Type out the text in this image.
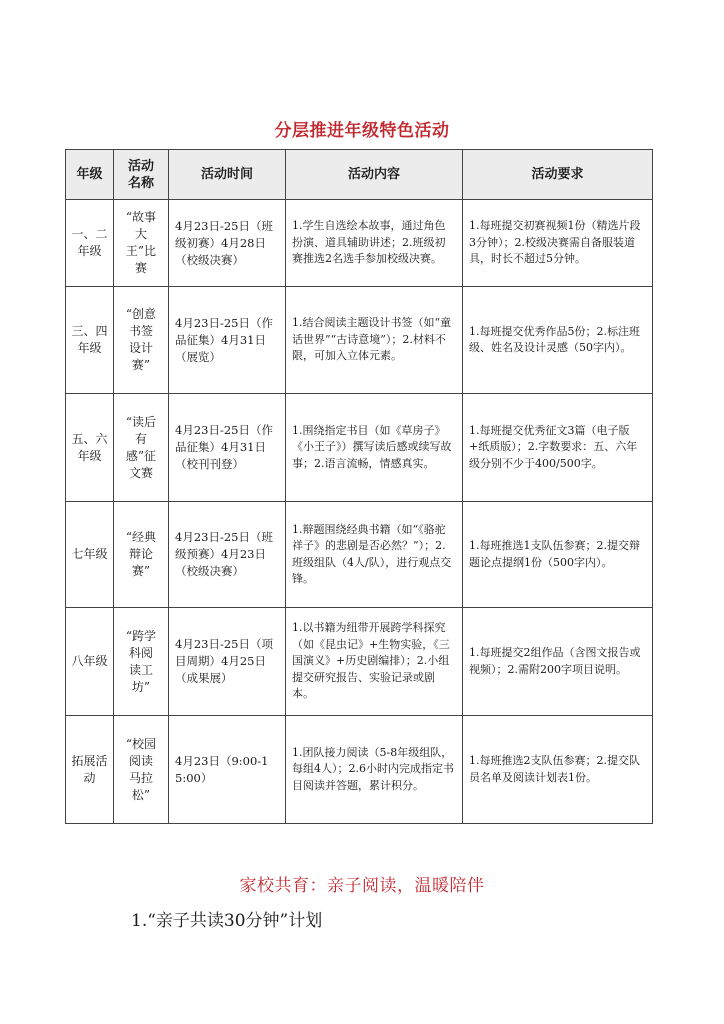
分层推进年级特色活动
年级	活动名称	活动时间	活动内容	活动要求
一、二年级	“故事大王”比赛	4月23日-25日（班级初赛）4月28日（校级决赛）	1.学生自选绘本故事，通过角色扮演、道具辅助讲述；2.班级初赛推选2名选手参加校级决赛。	1.每班提交初赛视频1份（精选片段3分钟）；2.校级决赛需自备服装道具，时长不超过5分钟。
三、四年级	“创意书签设计赛”	4月23日-25日（作品征集）4月31日（展览）	1.结合阅读主题设计书签（如“童话世界”“古诗意境”）；2.材料不限，可加入立体元素。	1.每班提交优秀作品5份；2.标注班级、姓名及设计灵感（50字内）。
五、六年级	“读后有感”征文赛	4月23日-25日（作品征集）4月31日（校刊刊登）	1.围绕指定书目（如《草房子》《小王子》）撰写读后感或续写故事；2.语言流畅，情感真实。	1.每班提交优秀征文3篇（电子版+纸质版）；2.字数要求：五、六年级分别不少于400/500字。
七年级	“经典辩论赛”	4月23日-25日（班级预赛）4月23日（校级决赛）	1.辩题围绕经典书籍（如“《骆驼祥子》的悲剧是否必然？”）；2.班级组队（4人/队），进行观点交锋。	1.每班推选1支队伍参赛；2.提交辩题论点提纲1份（500字内）。
八年级	“跨学科阅读工坊”	4月23日-25日（项目周期）4月25日（成果展）	1.以书籍为纽带开展跨学科探究（如《昆虫记》+生物实验，《三国演义》+历史剧编排）；2.小组提交研究报告、实验记录或剧本。	1.每班提交2组作品（含图文报告或视频）；2.需附200字项目说明。
拓展活动	“校园阅读马拉松”	4月23日（9:00-15:00）	1.团队接力阅读（5-8年级组队，每组4人）；2.6小时内完成指定书目阅读并答题，累计积分。	1.每班推选2支队伍参赛；2.提交队员名单及阅读计划表1份。
家校共育：亲子阅读，温暖陪伴
1.“亲子共读30分钟”计划
